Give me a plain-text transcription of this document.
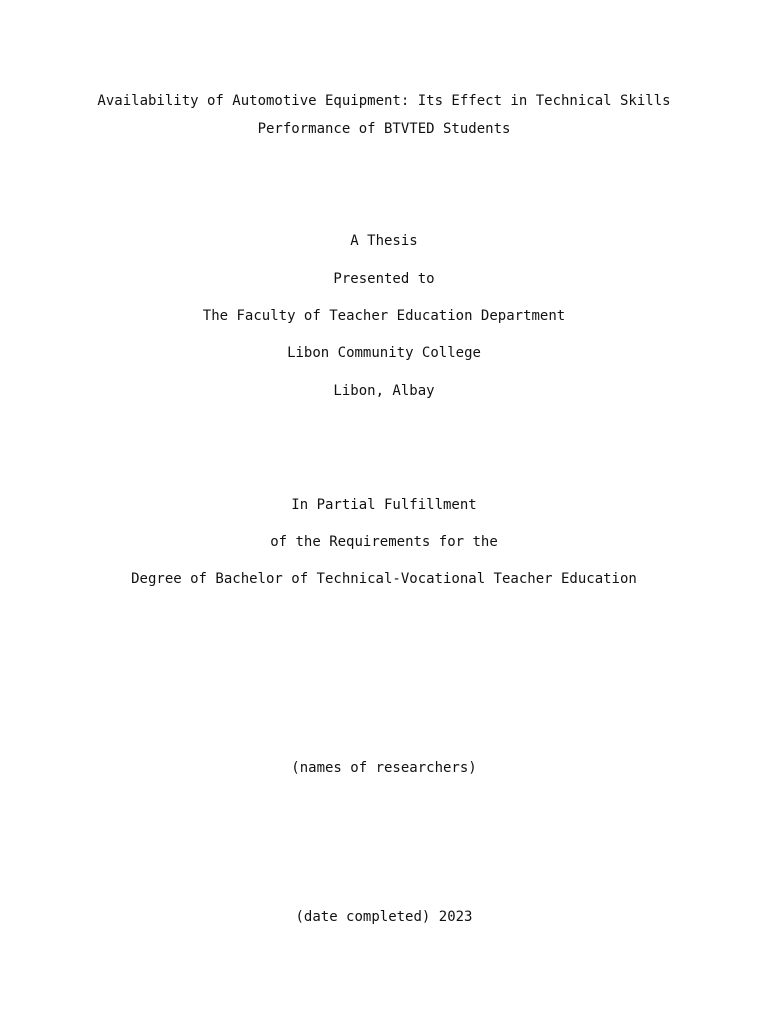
Availability of Automotive Equipment: Its Effect in Technical Skills
Performance of BTVTED Students
A Thesis
Presented to
The Faculty of Teacher Education Department
Libon Community College
Libon, Albay
In Partial Fulfillment
of the Requirements for the
Degree of Bachelor of Technical-Vocational Teacher Education
(names of researchers)
(date completed) 2023
